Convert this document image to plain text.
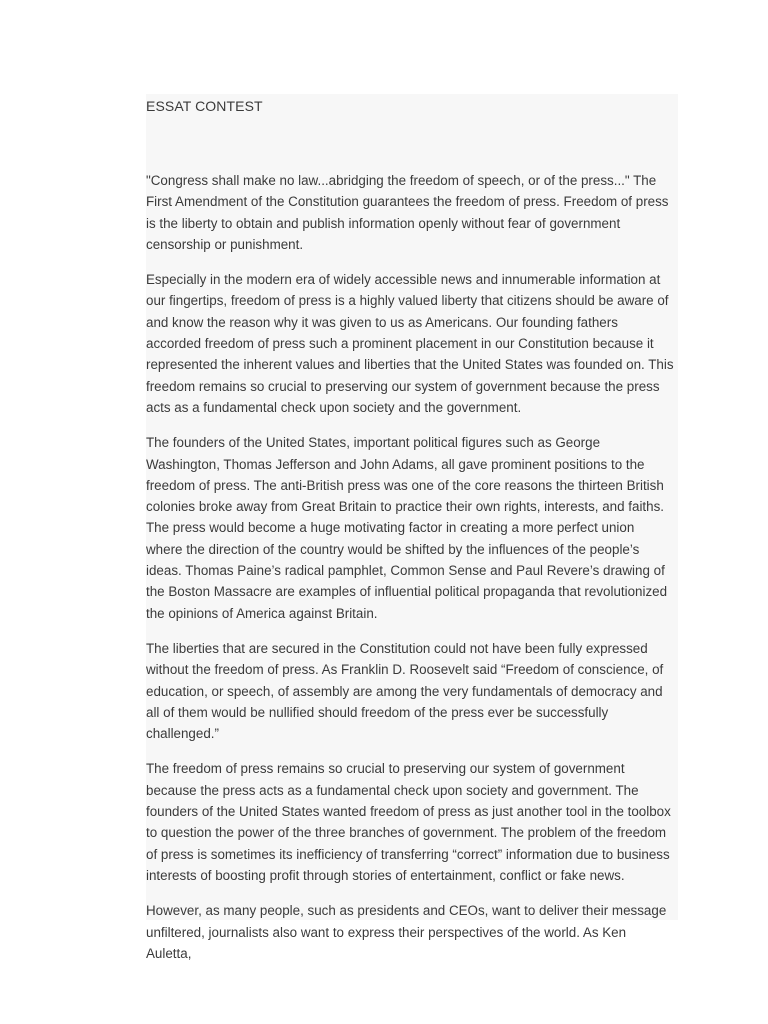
ESSAT CONTEST

"Congress shall make no law...abridging the freedom of speech, or of the press..." The First Amendment of the Constitution guarantees the freedom of press. Freedom of press is the liberty to obtain and publish information openly without fear of government censorship or punishment.

Especially in the modern era of widely accessible news and innumerable information at our fingertips, freedom of press is a highly valued liberty that citizens should be aware of and know the reason why it was given to us as Americans. Our founding fathers accorded freedom of press such a prominent placement in our Constitution because it represented the inherent values and liberties that the United States was founded on. This freedom remains so crucial to preserving our system of government because the press acts as a fundamental check upon society and the government.

The founders of the United States, important political figures such as George Washington, Thomas Jefferson and John Adams, all gave prominent positions to the freedom of press. The anti-British press was one of the core reasons the thirteen British colonies broke away from Great Britain to practice their own rights, interests, and faiths. The press would become a huge motivating factor in creating a more perfect union where the direction of the country would be shifted by the influences of the people’s ideas. Thomas Paine’s radical pamphlet, Common Sense and Paul Revere’s drawing of the Boston Massacre are examples of influential political propaganda that revolutionized the opinions of America against Britain.

The liberties that are secured in the Constitution could not have been fully expressed without the freedom of press. As Franklin D. Roosevelt said “Freedom of conscience, of education, or speech, of assembly are among the very fundamentals of democracy and all of them would be nullified should freedom of the press ever be successfully challenged.”

The freedom of press remains so crucial to preserving our system of government because the press acts as a fundamental check upon society and government. The founders of the United States wanted freedom of press as just another tool in the toolbox to question the power of the three branches of government. The problem of the freedom of press is sometimes its inefficiency of transferring “correct” information due to business interests of boosting profit through stories of entertainment, conflict or fake news.

However, as many people, such as presidents and CEOs, want to deliver their message unfiltered, journalists also want to express their perspectives of the world. As Ken Auletta,
